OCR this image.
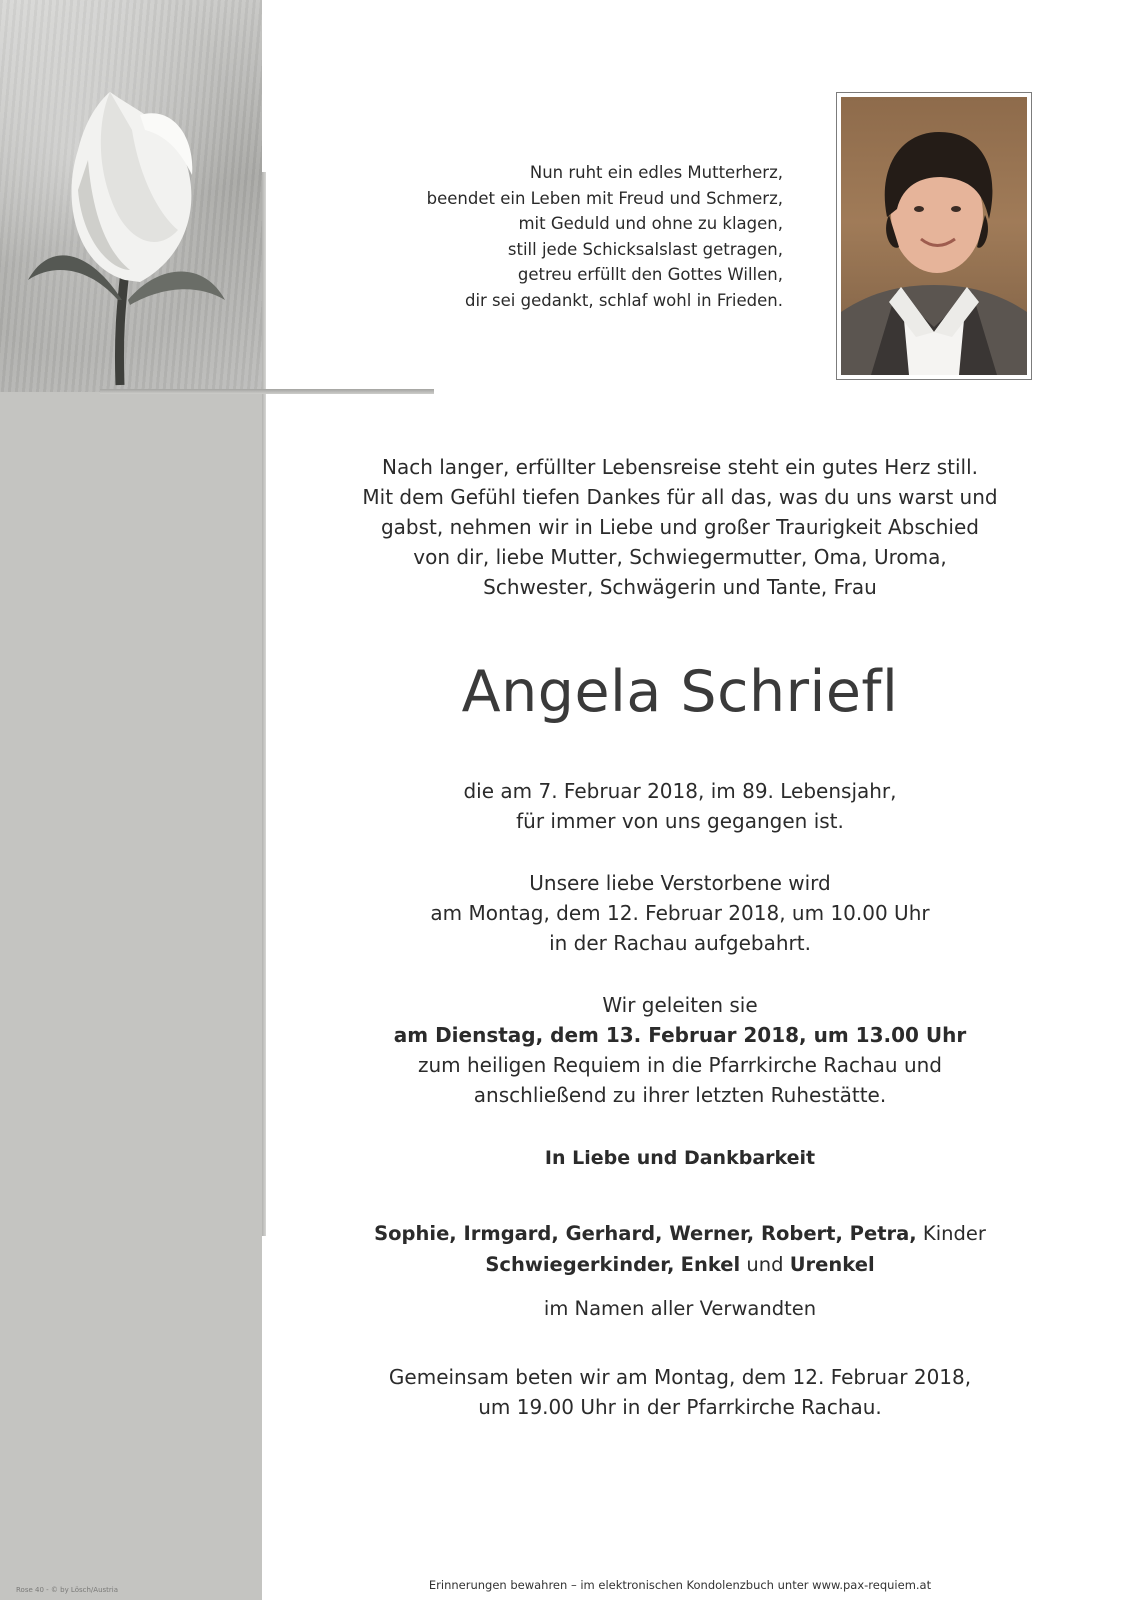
Rose 40 - © by Lösch/Austria
Nun ruht ein edles Mutterherz,
beendet ein Leben mit Freud und Schmerz,
mit Geduld und ohne zu klagen,
still jede Schicksalslast getragen,
getreu erfüllt den Gottes Willen,
dir sei gedankt, schlaf wohl in Frieden.
Nach langer, erfüllter Lebensreise steht ein gutes Herz still.
Mit dem Gefühl tiefen Dankes für all das, was du uns warst und
gabst, nehmen wir in Liebe und großer Traurigkeit Abschied
von dir, liebe Mutter, Schwiegermutter, Oma, Uroma,
Schwester, Schwägerin und Tante, Frau
Angela Schriefl
die am 7. Februar 2018, im 89. Lebensjahr,
für immer von uns gegangen ist.
Unsere liebe Verstorbene wird
am Montag, dem 12. Februar 2018, um 10.00 Uhr
in der Rachau aufgebahrt.
Wir geleiten sie
am Dienstag, dem 13. Februar 2018, um 13.00 Uhr
zum heiligen Requiem in die Pfarrkirche Rachau und
anschließend zu ihrer letzten Ruhestätte.
In Liebe und Dankbarkeit
Sophie, Irmgard, Gerhard, Werner, Robert, Petra, Kinder
Schwiegerkinder, Enkel und Urenkel
im Namen aller Verwandten
Gemeinsam beten wir am Montag, dem 12. Februar 2018,
um 19.00 Uhr in der Pfarrkirche Rachau.
Erinnerungen bewahren – im elektronischen Kondolenzbuch unter www.pax-requiem.at
